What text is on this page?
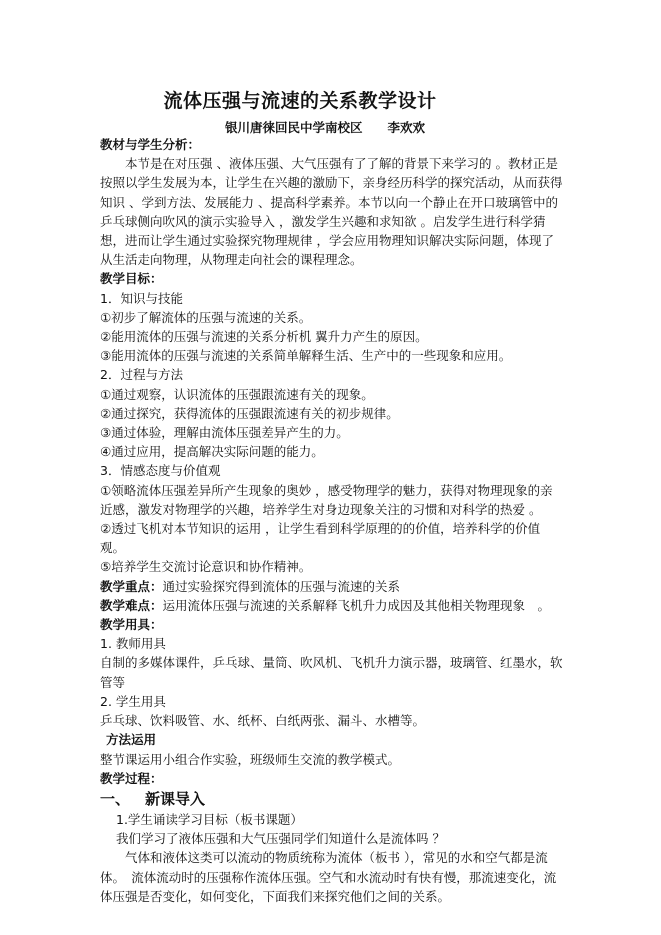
流体压强与流速的关系教学设计
银川唐徕回民中学南校区　　李欢欢

教材与学生分析：

本节是在对压强 、液体压强、大气压强有了了解的背景下来学习的 。教材正是按照以学生发展为本，让学生在兴趣的激励下，亲身经历科学的探究活动，从而获得知识 、学到方法、发展能力 、提高科学素养。本节以向一个静止在开口玻璃管中的乒乓球侧向吹风的演示实验导入 ，激发学生兴趣和求知欲 。启发学生进行科学猜想，进而让学生通过实验探究物理规律 ，学会应用物理知识解决实际问题，体现了从生活走向物理，从物理走向社会的课程理念。

教学目标：

1．知识与技能

①初步了解流体的压强与流速的关系。

②能用流体的压强与流速的关系分析机 翼升力产生的原因。

③能用流体的压强与流速的关系简单解释生活、生产中的一些现象和应用。

2．过程与方法

①通过观察，认识流体的压强跟流速有关的现象。

②通过探究，获得流体的压强跟流速有关的初步规律。

③通过体验，理解由流体压强差异产生的力。

④通过应用，提高解决实际问题的能力。

3．情感态度与价值观

①领略流体压强差异所产生现象的奥妙 ，感受物理学的魅力，获得对物理现象的亲近感，激发对物理学的兴趣，培养学生对身边现象关注的习惯和对科学的热爱 。

②透过飞机对本节知识的运用 ，让学生看到科学原理的的价值，培养科学的价值观。

⑤培养学生交流讨论意识和协作精神。

教学重点：通过实验探究得到流体的压强与流速的关系

教学难点：运用流体压强与流速的关系解释飞机升力成因及其他相关物理现象　。

教学用具：

1. 教师用具

自制的多媒体课件，乒乓球、量筒、吹风机、飞机升力演示器，玻璃管、红墨水，软管等

2. 学生用具

乒乓球、饮料吸管、水、纸杯、白纸两张、漏斗、水槽等。

方法运用

整节课运用小组合作实验，班级师生交流的教学模式。

教学过程：

一、 新课导入

1.学生诵读学习目标（板书课题）

我们学习了液体压强和大气压强同学们知道什么是流体吗 ？

气体和液体这类可以流动的物质统称为流体（板书 ），常见的水和空气都是流体。　流体流动时的压强称作流体压强。空气和水流动时有快有慢，那流速变化，流体压强是否变化，如何变化，下面我们来探究他们之间的关系。
